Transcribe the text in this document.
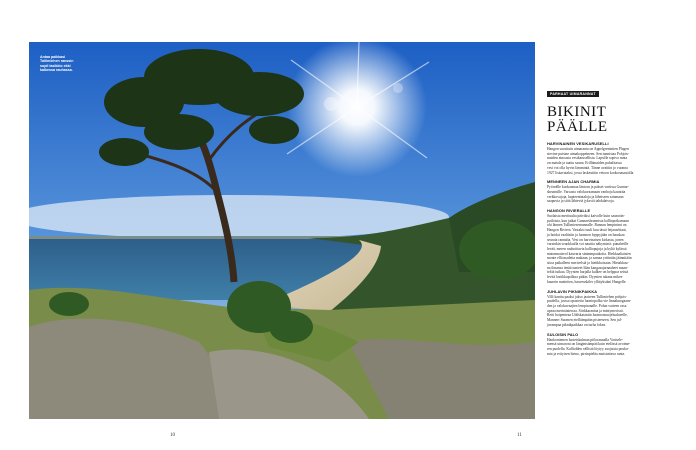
Antaa paikkasi Tullimiehen ranssin sopii lasikkio ekki kaikessa rauhassa.
10	11
PARHAAT UIMARANNAT
BIKINIT PÄÄLLE
HARVINAINEN VESIKARUSELLI
Hangon suosituin uimaranta on Appelgrenintien Plagen
sievine puisine uimakoppeineen. Sen tunnistaa Pohjois-
maiden ainoasta vesikarusellista. Lapsille sopiva ranta
on matala ja taattu sauna. Erillämaiden puhalitassa
vesi voi olla hyvin lämmintä. Tänne avattiin jo vuonna
1927 lisäavataksi, jossa laskeuttiin vetoon kookosmaatolla.
MENNEEN AJAN CHARMIA
Pyöreälle kookasmaa läntorn ja pääset vartissa Gunnar-
sbrunnille. Varsasta valokuvaamaan vanhoja kauniita
verkkovajoja, kapteenintaloja ja läheiseen satamaan
saapuvia ja siitä lähteviä jyksviä tahdalaivoja.
HANGON RIVIERALLE
Suolaista merituulta päiväksi kaivolle kuin saunotin-
puiloista, kun jatkat Gunnarsbrunnista kalliopoikamaan
ohi lännen Tullimiesenrannalle. Rannan lempinimi on
Hangon Riviera. Vastaksi tuuli kuu tässä leijausrhtaat,
ja hoidat vaaltisiin ja luonnon hyppyjään on hauskaa
seurata rannalta. Vesi on harvinaisen kirkasta, jonen
varsinkin seuoklaalla voi nauttia näkymistä: punaheille
levää, meren rauhoittavia kalliopujoja ja kyltä kylässä
matonmaiseol kauvaria sinimmpaukoita. Hiekkaaltaisien
monte ellä madetta makaan, ja samaa yrttinäin jäännitään
sitoa paikalleen merivelsiä ja hietikkoisaan. Hietakkau-
na ilmansa tenää tunteet lilan kangasajarnaaheet maan-
teltiä tutkua. Dyynien harjalla kulkee on helppoa seistä
levitä lastikkupolkua pitkin. Dyynien takana mikee
kaurein matteiten, haaveuskiler yllätyksiäni Hangelle.
JUHLAVIN PIKNIKPAIKKA
Villi kanttu paaksi jakso jaaireen Tullimiehen pohjois-
puolella, josssa opastettu luontopolku vie linnaknogaarn-
den ja valokuvaajien lempiranalle. Polun varteen ossa
upeaa merinäaterraa. Siirkkarantaa ja mintymerissä.
Retti hoipenteaa Uddskatantin luonnonsuojelualueelle,
Mannerr Suomen etelläimpään pisteeseen. Sen jul-
javampaa piknikpaikkaa on turha fokea.
SULOISIN PALO
Hankoniemen luoteiskulman piilorannalla Vartsele-
mensä uimaroni on länginisämpää kuin etelässä avoime-
ren puolella. Kalliolden vällistä löytyy suojaisia pouka-
mia ja erityisen hieno, pirrinpieläa muistuttava ranta.
